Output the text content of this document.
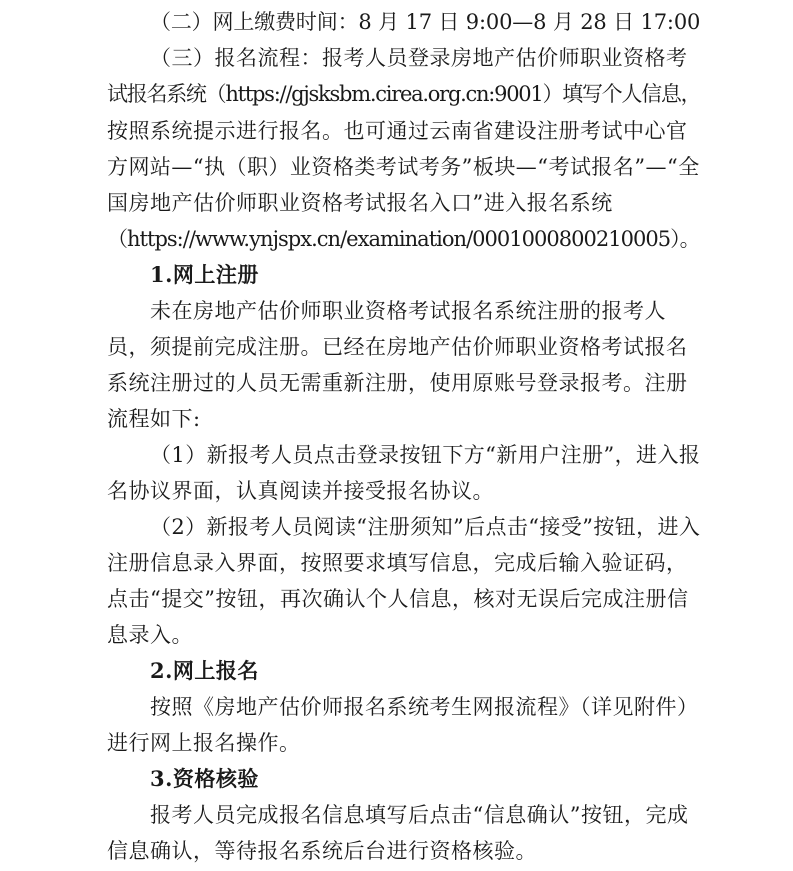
（二）网上缴费时间：8 月 17 日 9:00—8 月 28 日 17:00
（三）报名流程：报考人员登录房地产估价师职业资格考
试报名系统（https://gjsksbm.cirea.org.cn:9001）填写个人信息，
按照系统提示进行报名。也可通过云南省建设注册考试中心官
方网站—“执（职）业资格类考试考务”板块—“考试报名”—“全
国房地产估价师职业资格考试报名入口”进入报名系统
（https://www.ynjspx.cn/examination/0001000800210005）。
1.网上注册
未在房地产估价师职业资格考试报名系统注册的报考人
员，须提前完成注册。已经在房地产估价师职业资格考试报名
系统注册过的人员无需重新注册，使用原账号登录报考。注册
流程如下:
（1）新报考人员点击登录按钮下方“新用户注册”，进入报
名协议界面，认真阅读并接受报名协议。
（2）新报考人员阅读“注册须知”后点击“接受”按钮，进入
注册信息录入界面，按照要求填写信息，完成后输入验证码，
点击“提交”按钮，再次确认个人信息，核对无误后完成注册信
息录入。
2.网上报名
按照《房地产估价师报名系统考生网报流程》（详见附件）
进行网上报名操作。
3.资格核验
报考人员完成报名信息填写后点击“信息确认”按钮，完成
信息确认，等待报名系统后台进行资格核验。
